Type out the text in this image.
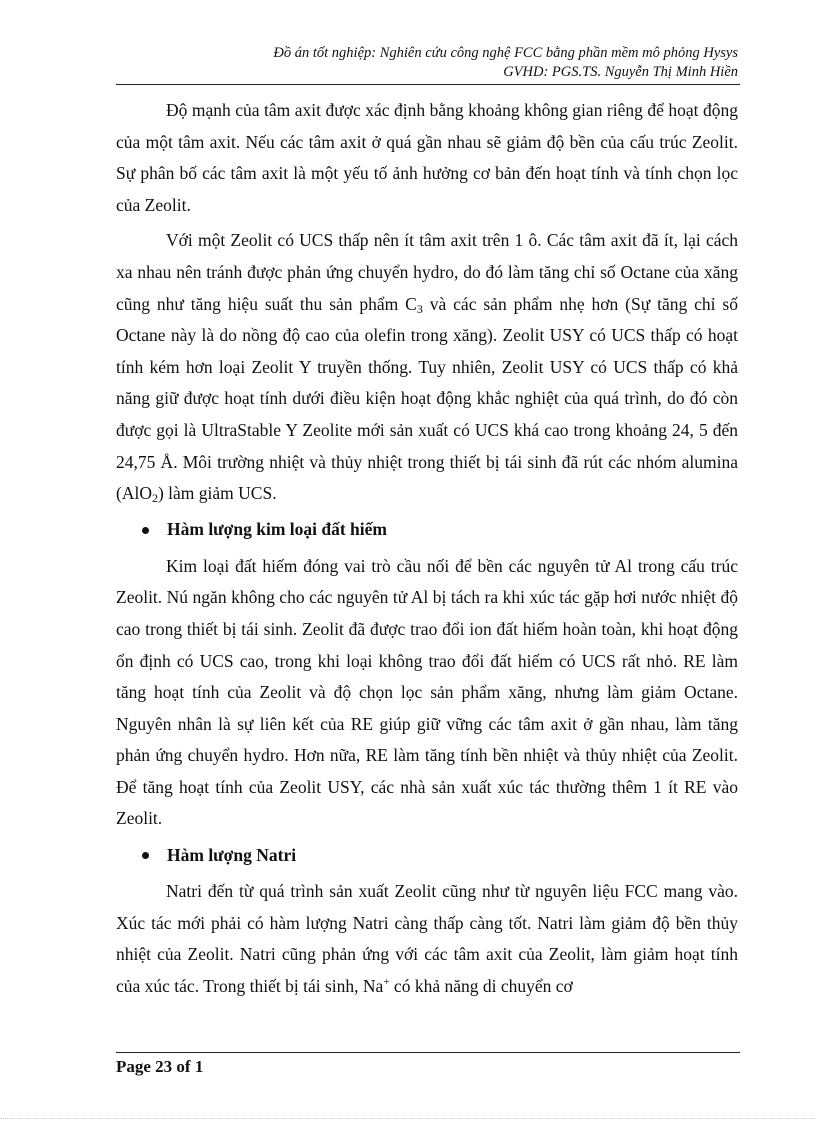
Đồ án tốt nghiệp: Nghiên cứu công nghệ FCC bằng phần mềm mô phỏng Hysys
GVHD: PGS.TS. Nguyễn Thị Minh Hiền

Độ mạnh của tâm axit được xác định bằng khoảng không gian riêng để hoạt động của một tâm axit. Nếu các tâm axit ở quá gần nhau sẽ giảm độ bền của cấu trúc Zeolit. Sự phân bố các tâm axit là một yếu tố ảnh hưởng cơ bản đến hoạt tính và tính chọn lọc của Zeolit.

Với một Zeolit có UCS thấp nên ít tâm axit trên 1 ô. Các tâm axit đã ít, lại cách xa nhau nên tránh được phản ứng chuyển hydro, do đó làm tăng chỉ số Octane của xăng cũng như tăng hiệu suất thu sản phẩm $C_3$ và các sản phẩm nhẹ hơn (Sự tăng chỉ số Octane này là do nồng độ cao của olefin trong xăng). Zeolit USY có UCS thấp có hoạt tính kém hơn loại Zeolit Y truyền thống. Tuy nhiên, Zeolit USY có UCS thấp có khả năng giữ được hoạt tính dưới điều kiện hoạt động khắc nghiệt của quá trình, do đó còn được gọi là UltraStable Y Zeolite mới sản xuất có UCS khá cao trong khoảng 24, 5 đến 24,75 Å. Môi trường nhiệt và thủy nhiệt trong thiết bị tái sinh đã rút các nhóm alumina (AlO$_2$) làm giảm UCS.

Hàm lượng kim loại đất hiếm

Kim loại đất hiếm đóng vai trò cầu nối để bền các nguyên tử Al trong cấu trúc Zeolit. Nú ngăn không cho các nguyên tử Al bị tách ra khi xúc tác gặp hơi nước nhiệt độ cao trong thiết bị tái sinh. Zeolit đã được trao đổi ion đất hiếm hoàn toàn, khi hoạt động ổn định có UCS cao, trong khi loại không trao đổi đất hiếm có UCS rất nhỏ. RE làm tăng hoạt tính của Zeolit và độ chọn lọc sản phẩm xăng, nhưng làm giảm Octane. Nguyên nhân là sự liên kết của RE giúp giữ vững các tâm axit ở gần nhau, làm tăng phản ứng chuyển hydro. Hơn nữa, RE làm tăng tính bền nhiệt và thủy nhiệt của Zeolit. Để tăng hoạt tính của Zeolit USY, các nhà sản xuất xúc tác thường thêm 1 ít RE vào Zeolit.

Hàm lượng Natri

Natri đến từ quá trình sản xuất Zeolit cũng như từ nguyên liệu FCC mang vào. Xúc tác mới phải có hàm lượng Natri càng thấp càng tốt. Natri làm giảm độ bền thủy nhiệt của Zeolit. Natri cũng phản ứng với các tâm axit của Zeolit, làm giảm hoạt tính của xúc tác. Trong thiết bị tái sinh, Na+ có khả năng di chuyển cơ

Page 23 of 1
